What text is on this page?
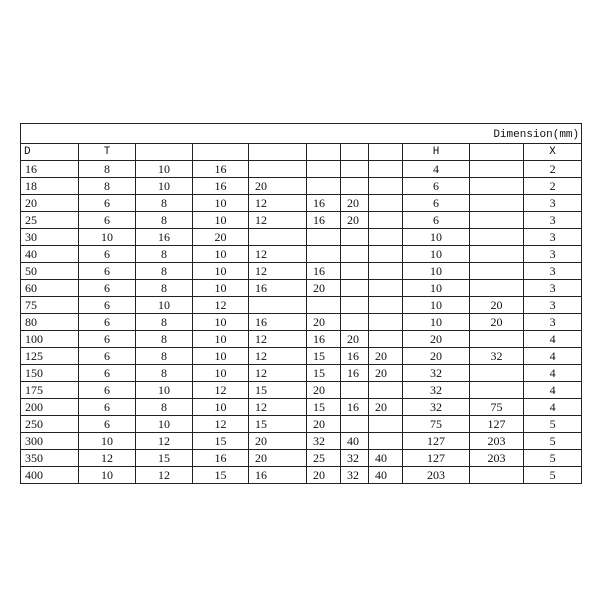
Dimension(mm)										
D	T							H		X
16	8	10	16					4		2
18	8	10	16	20				6		2
20	6	8	10	12	16	20		6		3
25	6	8	10	12	16	20		6		3
30	10	16	20					10		3
40	6	8	10	12				10		3
50	6	8	10	12	16			10		3
60	6	8	10	16	20			10		3
75	6	10	12					10	20	3
80	6	8	10	16	20			10	20	3
100	6	8	10	12	16	20		20		4
125	6	8	10	12	15	16	20	20	32	4
150	6	8	10	12	15	16	20	32		4
175	6	10	12	15	20			32		4
200	6	8	10	12	15	16	20	32	75	4
250	6	10	12	15	20			75	127	5
300	10	12	15	20	32	40		127	203	5
350	12	15	16	20	25	32	40	127	203	5
400	10	12	15	16	20	32	40	203		5
